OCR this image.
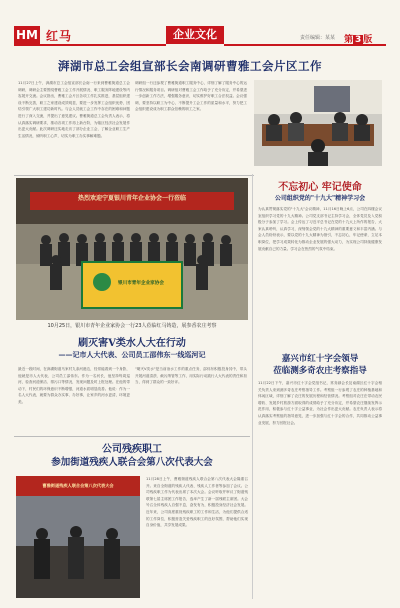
HM 红马	企业文化	责任编辑：某某 第 3 版
湃湖市总工会组宣部长会南调研曹雅工会片区工作
11月27日上午，湃湖市总工会组宣部长会南一行来到曹雅街道总工会调研，调研会主要围绕曹雅工会工作开展情况、职工服务阵地建设等内容展开交流。会议指出，曹雅工会片区各项工作扎实推进，基层组织建设不断完善，职工之家建设成效明显，要进一步发挥工会组织优势，团结引领广大职工建功新时代。与会人员就工会工作中存在的困难和问题进行了深入交流，并提出了意见建议。曹雅街道总工会负责人表示，将认真落实调研要求，推动各项工作再上新台阶，为辖区经济社会发展作出更大贡献。此次调研还实地走访了部分企业工会，了解企业职工生产生活情况，倾听职工心声，切实为职工办实事解难题。
调研组一行还参观了曹雅街道职工服务中心，详细了解了服务中心的运行情况和服务项目。调研组对曹雅工会工作给予了充分肯定，并希望进一步创新工作方法，增强服务意识，切实维护好职工合法权益。会议强调，要坚持以职工为中心，不断提升工会工作的质量和水平，努力把工会组织建设成为职工群众信赖的职工之家。
热烈欢迎宁夏银川青年企业协会一行莅临
银川市青年企业家协会
10月25日，银川市青年企业家协会一行23人莅临红马铸造，展参香农庄考察
不忘初心 牢记使命
公司组织党的"十九大"精神学习会
为认真贯彻落实党的"十九大"会议精神，11月16日晚上6点，公司在四楼会议室组织学习党的十九大精神。公司党支部书记主持学习会，全体党员及入党积极分子参加了学习。会上传达了习近平总书记在党的十九大上所作的报告，大家认真聆听，认真学习，深刻领会党的十九大精神的重要意义和丰富内涵。与会人员纷纷表示，要以党的十九大精神为指引，不忘初心，牢记使命，立足本职岗位，把学习成果转化为推动企业发展的强大动力，为实现公司持续健康发展贡献自己的力量。学习会在热烈的气氛中结束。
嘉兴市红十字会领导
莅临测多奇农庄考察指导
11月22日下午，嘉兴市红十字会党组书记、常务副会长及南湖区红十字会相关负责人来到测多奇农庄考察指导工作。考察组一行参观了农庄的种植基地和休闲区域，详细了解了农庄的发展历程和经营情况。考察组对农庄在带动农民增收、发展乡村旅游方面取得的成绩给予了充分肯定，并希望农庄继续发挥示范作用，积极参与红十字公益事业，为社会作出更大贡献。农庄负责人表示将认真落实考察组的指导意见，进一步加强与红十字会的合作，共同推动公益事业发展，努力回报社会。
刷灭害Ⅴ类水人大在行动
——记市人大代表、公司员工邵伟东一线巡河记
最近一段时间，在湃湖街道马家村九条河港边，经常能看到一个身影，他就是市人大代表、公司员工邵伟东。作为一名河长，他坚持每周巡河，检查河道保洁、排污口等情况，发现问题及时上报处理。在他的带动下，村民们的环保意识不断增强，河道水质明显改善。他说：作为一名人大代表，就要为群众办实事、办好事，让家乡的河水更清，环境更美。
"刷灭Ⅴ类水"是当前治水工作的重点任务，邵伟东积极投身其中，带头开展河道清淤、截污纳管等工作，用实际行动践行人大代表的责任和担当，得到了群众的一致好评。
公司残疾职工
参加街道残疾人联合会第八次代表大会
曹雅街道残疾人联合会第八次代表大会
11月28日上午，曹雅街道残疾人联合会第八次代表大会隆重召开。来自全街道的残疾人代表、残疾人工作者等参加了会议。公司残疾职工作为代表出席了本次大会。会议听取并审议了街道残联第七届主席团工作报告，选举产生了新一届残联主席团。大会号召全体残疾人自强不息，奋发有为，积极投身经济社会发展。近年来，公司高度重视残疾职工的工作和生活，为他们提供合适的工作岗位，积极营造关爱残疾职工的良好氛围，帮助他们实现自身价值，共享发展成果。
